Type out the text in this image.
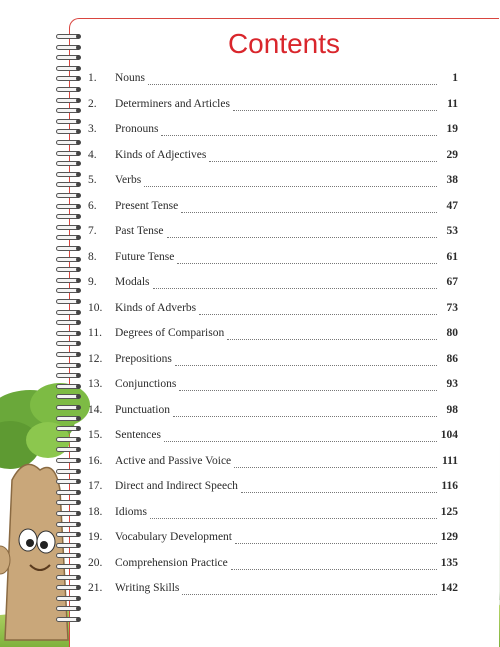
Contents
1.	Nouns	1
2.	Determiners and Articles	11
3.	Pronouns	19
4.	Kinds of Adjectives	29
5.	Verbs	38
6.	Present Tense	47
7.	Past Tense	53
8.	Future Tense	61
9.	Modals	67
10.	Kinds of Adverbs	73
11.	Degrees of Comparison	80
12.	Prepositions	86
13.	Conjunctions	93
14.	Punctuation	98
15.	Sentences	104
16.	Active and Passive Voice	111
17.	Direct and Indirect Speech	116
18.	Idioms	125
19.	Vocabulary Development	129
20.	Comprehension Practice	135
21.	Writing Skills	142
